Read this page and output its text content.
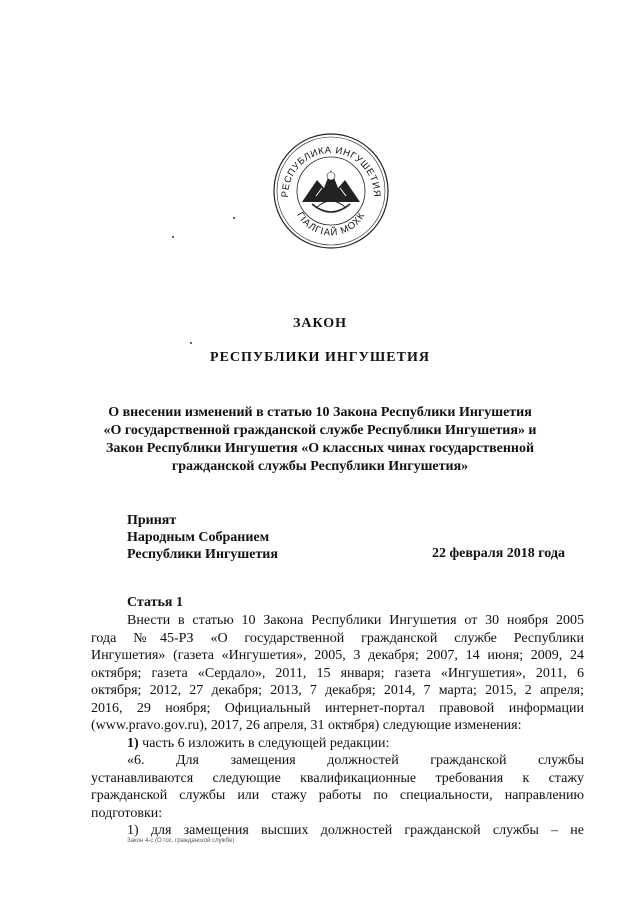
РЕСПУБЛИКА ИНГУШЕТИЯ
ГIАЛГIАЙ МОХК
ЗАКОН
РЕСПУБЛИКИ ИНГУШЕТИЯ
О внесении изменений в статью 10 Закона Республики Ингушетия
«О государственной гражданской службе Республики Ингушетия» и
Закон Республики Ингушетия «О классных чинах государственной
гражданской службы Республики Ингушетия»
Принят
Народным Собранием
Республики Ингушетия	22 февраля 2018 года
Статья 1
Внести в статью 10 Закона Республики Ингушетия от 30 ноября 2005
года №45-РЗ «О государственной гражданской службе Республики
Ингушетия» (газета «Ингушетия», 2005, 3 декабря; 2007, 14 июня; 2009, 24
октября; газета «Сердало», 2011, 15 января; газета «Ингушетия», 2011, 6
октября; 2012, 27 декабря; 2013, 7 декабря; 2014, 7 марта; 2015, 2 апреля;
2016, 29 ноября; Официальный интернет-портал правовой информации
(www.pravo.gov.ru), 2017, 26 апреля, 31 октября) следующие изменения:
1) часть 6 изложить в следующей редакции:
«6. Для замещения должностей гражданской службы
устанавливаются следующие квалификационные требования к стажу
гражданской службы или стажу работы по специальности, направлению
подготовки:
1) для замещения высших должностей гражданской службы – не
Закон 4-с (О гос. гражданской службе)
